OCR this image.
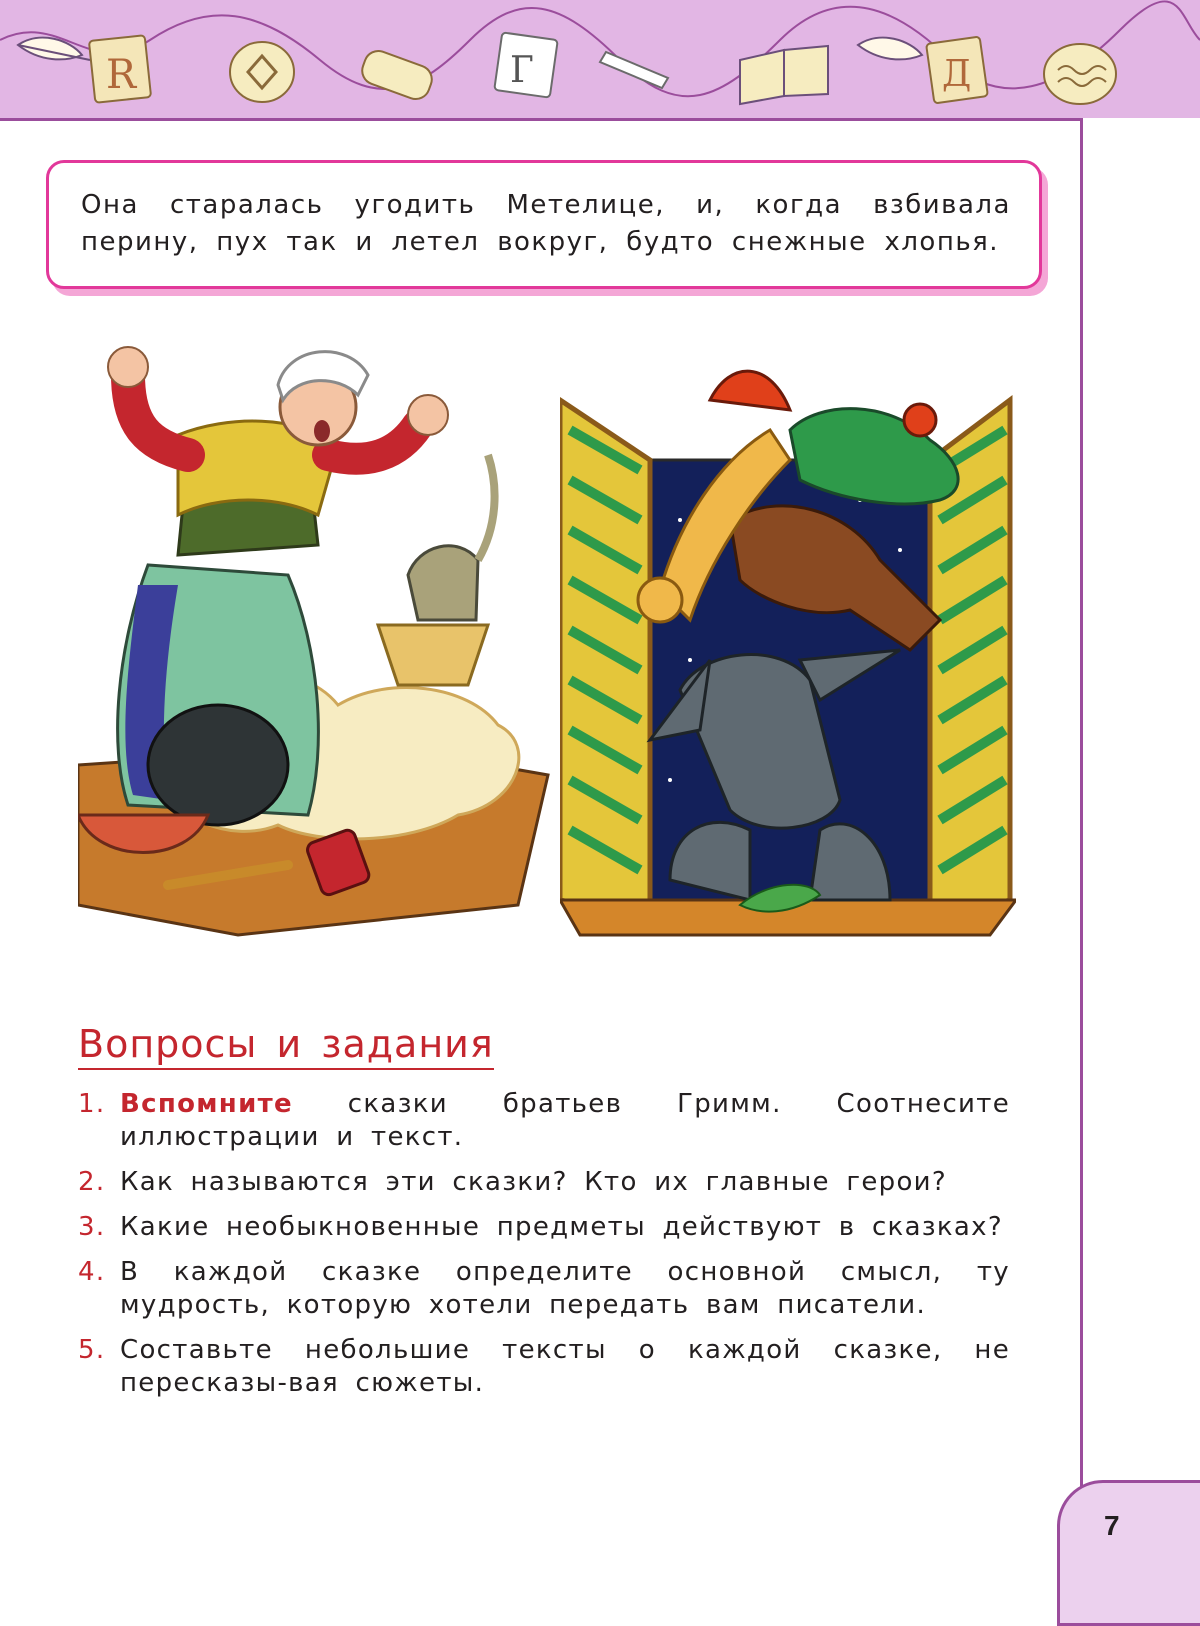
R	Г	Д
Она старалась угодить Метелице, и, когда взбивала перину, пух так и летел вокруг, будто снежные хлопья.
Вопросы и задания
1. Вспомните сказки братьев Гримм. Соотнесите иллюстрации и текст.
2. Как называются эти сказки? Кто их главные герои?
3. Какие необыкновенные предметы действуют в сказках?
4. В каждой сказке определите основной смысл, ту мудрость, которую хотели передать вам писатели.
5. Составьте небольшие тексты о каждой сказке, не пересказы-вая сюжеты.
7
